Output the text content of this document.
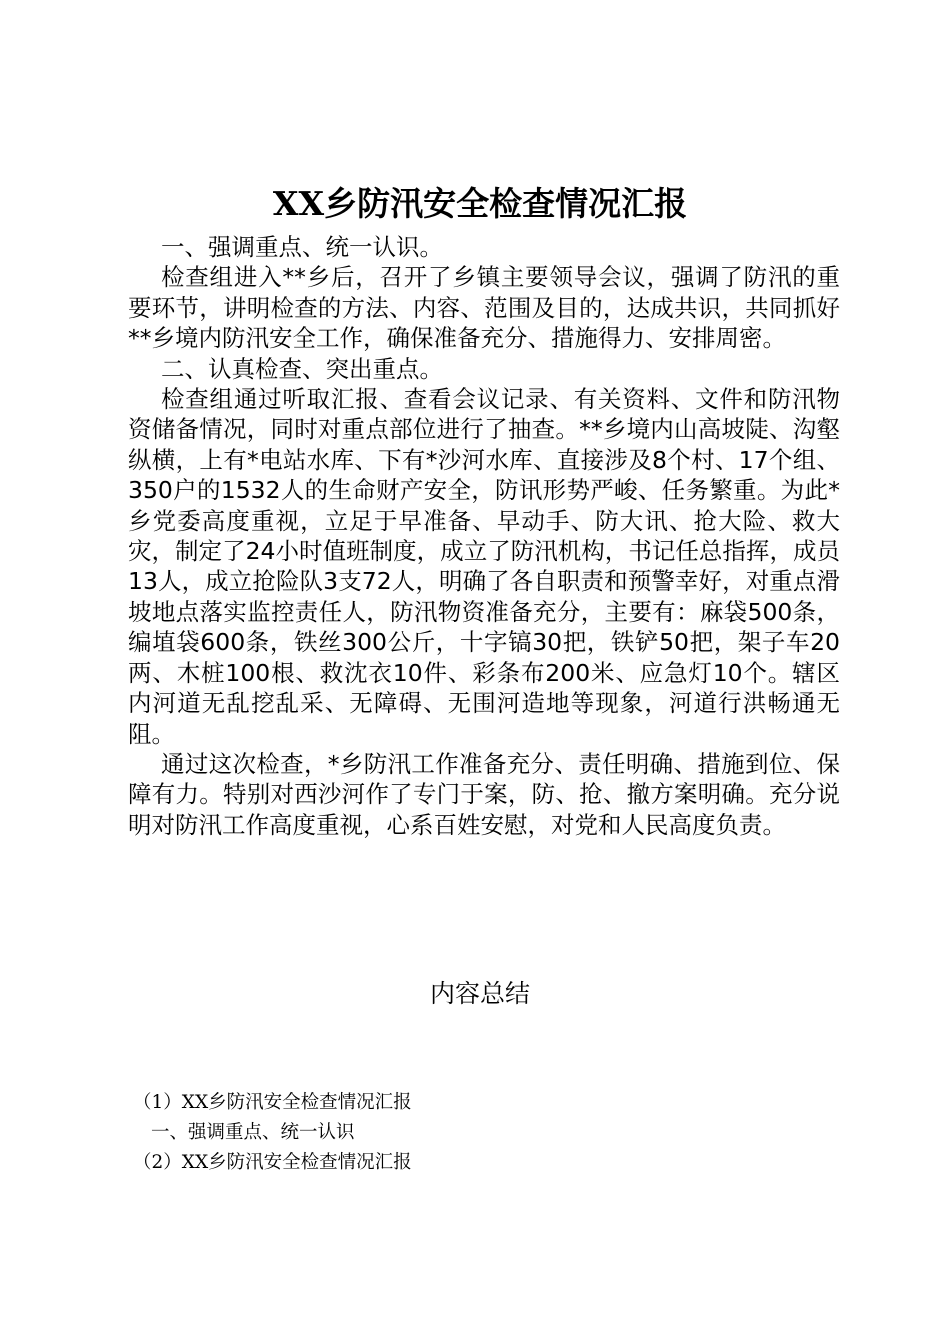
XX乡防汛安全检查情况汇报

一、强调重点、统一认识。

检查组进入**乡后，召开了乡镇主要领导会议，强调了防汛的重要环节，讲明检查的方法、内容、范围及目的，达成共识，共同抓好**乡境内防汛安全工作，确保准备充分、措施得力、安排周密。

二、认真检查、突出重点。

检查组通过听取汇报、查看会议记录、有关资料、文件和防汛物资储备情况，同时对重点部位进行了抽查。**乡境内山高坡陡、沟壑纵横，上有*电站水库、下有*沙河水库、直接涉及8个村、17个组、350户的1532人的生命财产安全，防讯形势严峻、任务繁重。为此*乡党委高度重视，立足于早准备、早动手、防大讯、抢大险、救大灾，制定了24小时值班制度，成立了防汛机构，书记任总指挥，成员13人，成立抢险队3支72人，明确了各自职责和预警幸好，对重点滑坡地点落实监控责任人，防汛物资准备充分，主要有：麻袋500条，编埴袋600条，铁丝300公斤，十字镐30把，铁铲50把，架子车20两、木桩100根、救沈衣10件、彩条布200米、应急灯10个。辖区内河道无乱挖乱采、无障碍、无围河造地等现象，河道行洪畅通无阻。

通过这次检查，*乡防汛工作准备充分、责任明确、措施到位、保障有力。特别对西沙河作了专门于案，防、抢、撤方案明确。充分说明对防汛工作高度重视，心系百姓安慰，对党和人民高度负责。

内容总结
（1）XX乡防汛安全检查情况汇报
一、强调重点、统一认识
（2）XX乡防汛安全检查情况汇报
